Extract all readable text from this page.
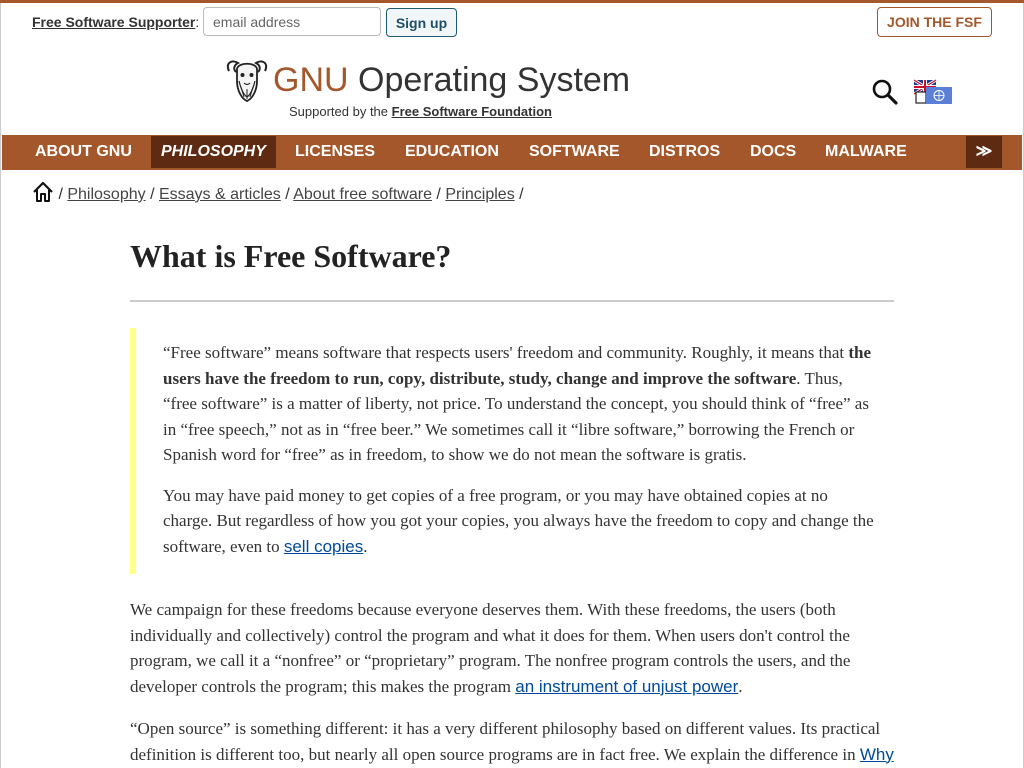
Free Software Supporter:
email address	Sign up	JOIN THE FSF
GNU Operating System
Supported by the Free Software Foundation
ABOUT GNU	PHILOSOPHY	LICENSES	EDUCATION	SOFTWARE	DISTROS	DOCS	MALWARE	≫
/ Philosophy / Essays & articles / About free software / Principles /
What is Free Software?

“Free software” means software that respects users' freedom and community. Roughly, it means that the users have the freedom to run, copy, distribute, study, change and improve the software. Thus, “free software” is a matter of liberty, not price. To understand the concept, you should think of “free” as in “free speech,” not as in “free beer.” We sometimes call it “libre software,” borrowing the French or Spanish word for “free” as in freedom, to show we do not mean the software is gratis.

You may have paid money to get copies of a free program, or you may have obtained copies at no charge. But regardless of how you got your copies, you always have the freedom to copy and change the software, even to sell copies.

We campaign for these freedoms because everyone deserves them. With these freedoms, the users (both individually and collectively) control the program and what it does for them. When users don't control the program, we call it a “nonfree” or “proprietary” program. The nonfree program controls the users, and the developer controls the program; this makes the program an instrument of unjust power.

“Open source” is something different: it has a very different philosophy based on different values. Its practical definition is different too, but nearly all open source programs are in fact free. We explain the difference in Why
